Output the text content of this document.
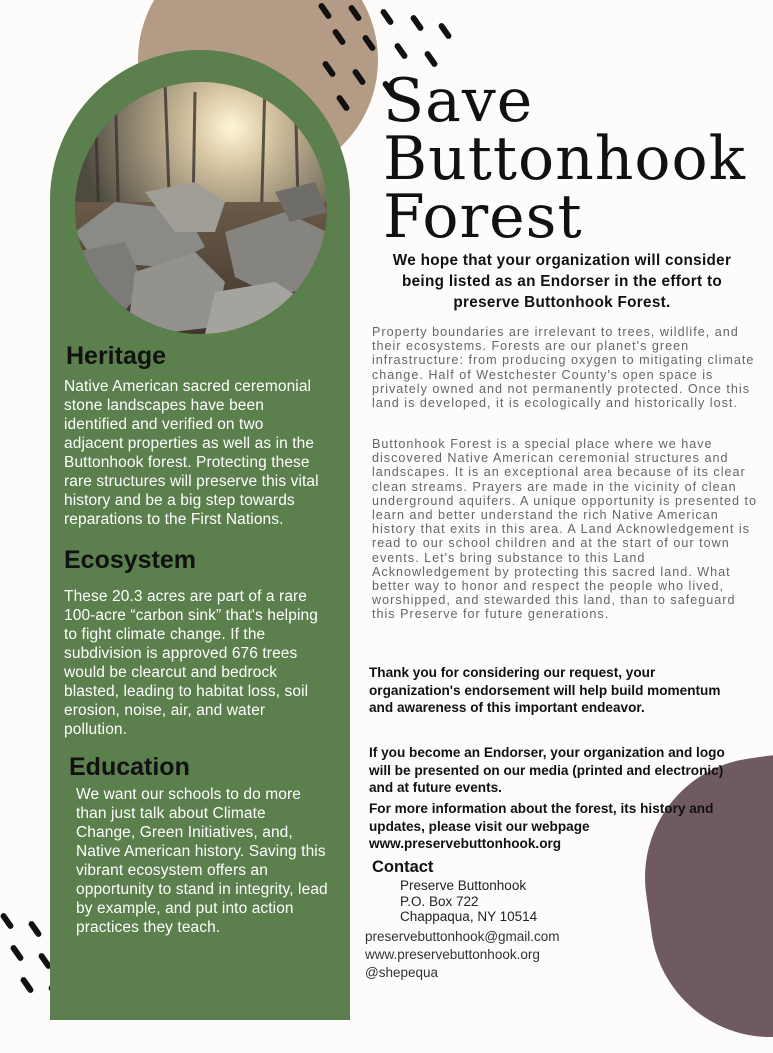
Heritage
Native American sacred ceremonial stone landscapes have been identified and verified on two adjacent properties as well as in the Buttonhook forest. Protecting these rare structures will preserve this vital history and be a big step towards reparations to the First Nations.
Ecosystem
These 20.3 acres are part of a rare 100-acre “carbon sink” that's helping to fight climate change. If the subdivision is approved 676 trees would be clearcut and bedrock blasted, leading to habitat loss, soil erosion, noise, air, and water pollution.
Education
We want our schools to do more than just talk about Climate Change, Green Initiatives, and, Native American history. Saving this vibrant ecosystem offers an opportunity to stand in integrity, lead by example, and put into action practices they teach.
Save
Buttonhook
Forest
We hope that your organization will consider being listed as an Endorser in the effort to preserve Buttonhook Forest.
Property boundaries are irrelevant to trees, wildlife, and their ecosystems. Forests are our planet's green infrastructure: from producing oxygen to mitigating climate change. Half of Westchester County's open space is privately owned and not permanently protected. Once this land is developed, it is ecologically and historically lost.
Buttonhook Forest is a special place where we have discovered Native American ceremonial structures and landscapes. It is an exceptional area because of its clear clean streams. Prayers are made in the vicinity of clean underground aquifers. A unique opportunity is presented to learn and better understand the rich Native American history that exits in this area. A Land Acknowledgement is read to our school children and at the start of our town events. Let's bring substance to this Land Acknowledgement by protecting this sacred land. What better way to honor and respect the people who lived, worshipped, and stewarded this land, than to safeguard this Preserve for future generations.
Thank you for considering our request, your organization's endorsement will help build momentum and awareness of this important endeavor.
If you become an Endorser, your organization and logo will be presented on our media (printed and electronic) and at future events.
For more information about the forest, its history and updates, please visit our webpage www.preservebuttonhook.org
Contact
Preserve Buttonhook
P.O. Box 722
Chappaqua, NY 10514
preservebuttonhook@gmail.com
www.preservebuttonhook.org
@shepequa
